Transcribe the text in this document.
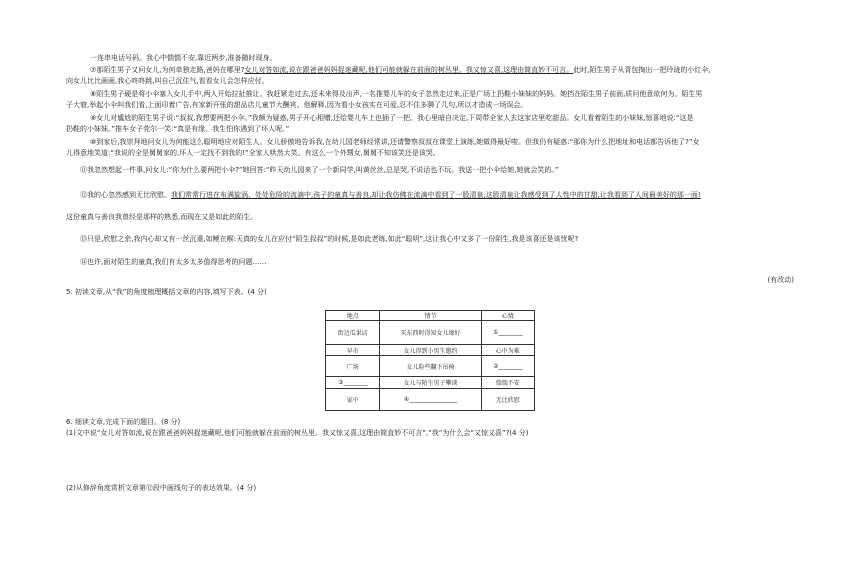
一连串电话号码。我心中惴惴不安,靠近两步,准备随时现身。
⑦那陌生男子又问女儿,为何单独走路,爸妈在哪里?女儿对答如流,说在跟爸爸妈妈捉迷藏呢,他们可能就躲在前面的树丛里。我又惊又喜,这理由简直妙不可言。此时,陌生男子从背包掏出一把玲珑的小红伞,
向女儿比比画画,我心咚咚跳,叫自己沉住气,看看女儿会怎样应付。
⑧陌生男子硬是将小伞塞入女儿手中,两人开始拉扯推让。我赶紧走过去,还未来得及出声,一名推婴儿车的女子忽然走过来,正是广场上扔鞋小妹妹的妈妈。她挡在陌生男子前面,质问他意欲何为。陌生男
子大窘,举起小伞叫我们看,上面印着广告,有家新开张的甜品店儿童节大酬宾。他解释,因为看小女孩实在可爱,忍不住多聊了几句,所以才造成一场误会。
⑨女儿对尴尬的陌生男子说:“叔叔,我想要两把小伞。”我颇为疑惑,男子开心相赠,还给婴儿车上也插了一把。我心里暗自决定,下周带全家人去这家店里吃甜品。女儿看着陌生的小妹妹,惊喜地说:“这是
扔鞋的小妹妹。”推车女子莞尔一笑:“真是有缘。我生怕你遇到了坏人呢。”
⑩到家后,我崇拜地问女儿为何能这么聪明地应对陌生人。女儿骄傲地告诉我,在幼儿园老师经常讲,还请警察叔叔在课堂上演练,她做得最好啦。但我仍有疑惑:“那你为什么把地址和电话都告诉他了?”女
儿得意地笑道:“我说的全是舅舅家的,坏人一定找不到我的!”全家人哄然大笑。有这么一个外甥女,舅舅不知该笑还是该哭。
⑪我忽然想起一件事,问女儿:“你为什么要两把小伞?”她回答:“昨天幼儿园来了一个新同学,叫黄丝丝,总是哭,不说话也不玩。我送一把小伞给她,她就会笑的。”
⑫我的心忽然感到无比欣慰。我们常常行进在布满旋涡、处处危险的流滴中,孩子的童真与善良,却让我仿佛在流滴中看到了一股清泉,这股清泉让我感受到了人性中的甘甜,让我看到了人间最美好的那一面!
这份童真与善良我曾经是那样的熟悉,而现在又是如此的陌生。
⑬只是,欣慰之余,我内心却又有一丝沉重,如鲠在喉:天真的女儿在应付“陌生叔叔”的时候,是如此老练,如此“聪明”,这让我心中又多了一份陌生,我是该喜还是该忧呢?
⑭也许,面对陌生的童真,我们有太多太多值得思考的问题……
(有改动)
5. 初读文章,从“我”的角度梳理概括文章的内容,填写下表。(4 分)
地点	情节	心情
街边瓜果店	买东西时得知女儿缘好	①________
早市	女儿得到小男生邀约	心中为难
广场	女儿险些翻下吊椅	②________
③________	女儿与陌生男子攀谈	惴惴不安
家中	④________________	无比欣慰
6. 细读文章,完成下面的题目。(8 分)
(1)文中说“女儿对答如流,说在跟爸爸妈妈捉迷藏呢,他们可能就躲在前面的树丛里。我又惊又喜,这理由简直妙不可言”,“我”为什么会“又惊又喜”?(4 分)
(2)从修辞角度赏析文章第⑫段中画线句子的表达效果。(4 分)
